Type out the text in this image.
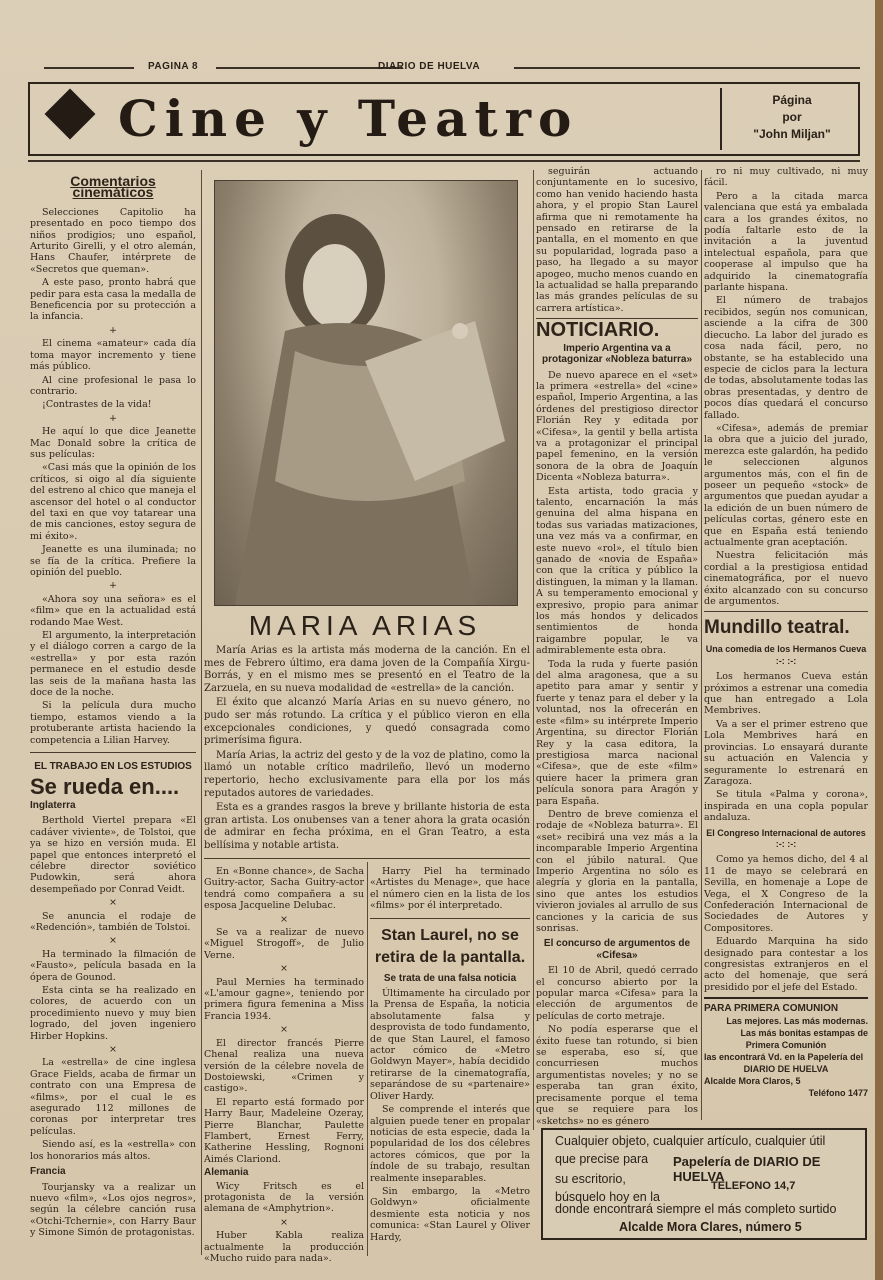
PAGINA 8	DIARIO DE HUELVA
Cine y Teatro	Página
por
"John Miljan"
Comentarios cinemáticos

Selecciones Capitolio ha presentado en poco tiempo dos niños prodigios; uno español, Arturito Girelli, y el otro alemán, Hans Chaufer, intérprete de «Secretos que queman».

A este paso, pronto habrá que pedir para esta casa la medalla de Beneficencia por su protección a la infancia.

+

El cinema «amateur» cada día toma mayor incremento y tiene más público.

Al cine profesional le pasa lo contrario.

¡Contrastes de la vida!

+

He aquí lo que dice Jeanette Mac Donald sobre la crítica de sus películas:

«Casi más que la opinión de los críticos, si oigo al día siguiente del estreno al chico que maneja el ascensor del hotel o al conductor del taxi en que voy tatarear una de mis canciones, estoy segura de mi éxito».

Jeanette es una iluminada; no se fía de la crítica. Prefiere la opinión del pueblo.

+

«Ahora soy una señora» es el «film» que en la actualidad está rodando Mae West.

El argumento, la interpretación y el diálogo corren a cargo de la «estrella» y por esta razón permanece en el estudio desde las seis de la mañana hasta las doce de la noche.

Si la película dura mucho tiempo, estamos viendo a la protuberante artista haciendo la competencia a Lilian Harvey.

EL TRABAJO EN LOS ESTUDIOS
Se rueda en....
Inglaterra

Berthold Viertel prepara «El cadáver viviente», de Tolstoi, que ya se hizo en versión muda. El papel que entonces interpretó el célebre director soviético Pudowkin, será ahora desempeñado por Conrad Veidt.

×

Se anuncia el rodaje de «Redención», también de Tolstoi.

×

Ha terminado la filmación de «Fausto», película basada en la ópera de Gounod.

Esta cinta se ha realizado en colores, de acuerdo con un procedimiento nuevo y muy bien logrado, del joven ingeniero Hirber Hopkins.

×

La «estrella» de cine inglesa Grace Fields, acaba de firmar un contrato con una Empresa de «films», por el cual le es asegurado 112 millones de coronas por interpretar tres películas.

Siendo así, es la «estrella» con los honorarios más altos.

Francia

Tourjansky va a realizar un nuevo «film», «Los ojos negros», según la célebre canción rusa «Otchi-Tchernie», con Harry Baur y Simone Simón de protagonistas.

MARIA ARIAS

María Arias es la artista más moderna de la canción. En el mes de Febrero último, era dama joven de la Compañía Xirgu-Borrás, y en el mismo mes se presentó en el Teatro de la Zarzuela, en su nueva modalidad de «estrella» de la canción.

El éxito que alcanzó María Arias en su nuevo género, no pudo ser más rotundo. La crítica y el público vieron en ella excepcionales condiciones, y quedó consagrada como primerísima figura.

María Arias, la actriz del gesto y de la voz de platino, como la llamó un notable crítico madrileño, llevó un moderno repertorio, hecho exclusivamente para ella por los más reputados autores de variedades.

Esta es a grandes rasgos la breve y brillante historia de esta gran artista. Los onubenses van a tener ahora la grata ocasión de admirar en fecha próxima, en el Gran Teatro, a esta bellísima y notable artista.

En «Bonne chance», de Sacha Guitry-actor, Sacha Guitry-actor tendrá como compañera a su esposa Jacqueline Delubac.

×

Se va a realizar de nuevo «Miguel Strogoff», de Julio Verne.

×

Paul Mernies ha terminado «L'amour gagne», teniendo por primera figura femenina a Miss Francia 1934.

×

El director francés Pierre Chenal realiza una nueva versión de la célebre novela de Dostoiewski, «Crimen y castigo».

El reparto está formado por Harry Baur, Madeleine Ozeray, Pierre Blanchar, Paulette Flambert, Ernest Ferry, Katherine Hessling, Rognoni Aimés Clariond.

Alemania

Wicy Fritsch es el protagonista de la versión alemana de «Amphytrion».

×

Huber Kabla realiza actualmente la producción «Mucho ruido para nada».

Harry Piel ha terminado «Artistes du Menage», que hace el número cien en la lista de los «films» por él interpretado.

Stan Laurel, no se retira de la pantalla.
Se trata de una falsa noticia

Últimamente ha circulado por la Prensa de España, la noticia absolutamente falsa y desprovista de todo fundamento, de que Stan Laurel, el famoso actor cómico de «Metro Goldwyn Mayer», había decidido retirarse de la cinematografía, separándose de su «partenaire» Oliver Hardy.

Se comprende el interés que alguien puede tener en propalar noticias de esta especie, dada la popularidad de los dos célebres actores cómicos, que por la índole de su trabajo, resultan realmente inseparables.

Sin embargo, la «Metro Goldwyn» oficialmente desmiente esta noticia y nos comunica: «Stan Laurel y Oliver Hardy,

seguirán actuando conjuntamente en lo sucesivo, como han venido haciendo hasta ahora, y el propio Stan Laurel afirma que ni remotamente ha pensado en retirarse de la pantalla, en el momento en que su popularidad, lograda paso a paso, ha llegado a su mayor apogeo, mucho menos cuando en la actualidad se halla preparando las más grandes películas de su carrera artística».

NOTICIARIO.
Imperio Argentina va a protagonizar «Nobleza baturra»

De nuevo aparece en el «set» la primera «estrella» del «cine» español, Imperio Argentina, a las órdenes del prestigioso director Florián Rey y editada por «Cifesa», la gentil y bella artista va a protagonizar el principal papel femenino, en la versión sonora de la obra de Joaquín Dicenta «Nobleza baturra».

Esta artista, todo gracia y talento, encarnación la más genuina del alma hispana en todas sus variadas matizaciones, una vez más va a confirmar, en este nuevo «rol», el título bien ganado de «novia de España» con que la crítica y público la distinguen, la miman y la llaman. A su temperamento emocional y expresivo, propio para animar los más hondos y delicados sentimientos de honda raigambre popular, le va admirablemente esta obra.

Toda la ruda y fuerte pasión del alma aragonesa, que a su apetito para amar y sentir y fuerte y tenaz para el deber y la voluntad, nos la ofrecerán en este «film» su intérprete Imperio Argentina, su director Florián Rey y la casa editora, la prestigiosa marca nacional «Cifesa», que de este «film» quiere hacer la primera gran película sonora para Aragón y para España.

Dentro de breve comienza el rodaje de «Nobleza baturra». El «set» recibirá una vez más a la incomparable Imperio Argentina con el júbilo natural. Que Imperio Argentina no sólo es alegría y gloria en la pantalla, sino que antes los estudios vivieron joviales al arrullo de sus canciones y la caricia de sus sonrisas.

El concurso de argumentos de «Cifesa»

El 10 de Abril, quedó cerrado el concurso abierto por la popular marca «Cifesa» para la elección de argumentos de películas de corto metraje.

No podía esperarse que el éxito fuese tan rotundo, si bien se esperaba, eso sí, que concurriesen muchos argumentistas noveles; y no se esperaba tan gran éxito, precisamente porque el tema que se requiere para los «sketchs» no es género

ro ni muy cultivado, ni muy fácil.

Pero a la citada marca valenciana que está ya embalada cara a los grandes éxitos, no podía faltarle esto de la invitación a la juventud intelectual española, para que cooperase al impulso que ha adquirido la cinematografía parlante hispana.

El número de trabajos recibidos, según nos comunican, asciende a la cifra de 300 diecucho. La labor del jurado es cosa nada fácil, pero, no obstante, se ha establecido una especie de ciclos para la lectura de todas, absolutamente todas las obras presentadas, y dentro de pocos días quedará el concurso fallado.

«Cifesa», además de premiar la obra que a juicio del jurado, merezca este galardón, ha pedido le seleccionen algunos argumentos más, con el fin de poseer un pequeño «stock» de argumentos que puedan ayudar a la edición de un buen número de películas cortas, género este en que en España está teniendo actualmente gran aceptación.

Nuestra felicitación más cordial a la prestigiosa entidad cinematográfica, por el nuevo éxito alcanzado con su concurso de argumentos.

Mundillo teatral.
Una comedia de los Hermanos Cueva :-: :-:

Los hermanos Cueva están próximos a estrenar una comedia que han entregado a Lola Membrives.

Va a ser el primer estreno que Lola Membrives hará en provincias. Lo ensayará durante su actuación en Valencia y seguramente lo estrenará en Zaragoza.

Se titula «Palma y corona», inspirada en una copla popular andaluza.

El Congreso Internacional de autores :-: :-:

Como ya hemos dicho, del 4 al 11 de mayo se celebrará en Sevilla, en homenaje a Lope de Vega, el X Congreso de la Confederación Internacional de Sociedades de Autores y Compositores.

Eduardo Marquina ha sido designado para contestar a los congresistas extranjeros en el acto del homenaje, que será presidido por el jefe del Estado.

PARA PRIMERA COMUNION
Las mejores. Las más modernas.
Las más bonitas estampas de
Primera Comunión
las encontrará Vd. en la Papelería del
DIARIO DE HUELVA
Alcalde Mora Claros, 5
Teléfono 1477
Cualquier objeto, cualquier artículo, cualquier útil
que precise para
su escritorio, búsquelo hoy en la
Papelería de DIARIO DE HUELVA
TELEFONO 14,7
donde encontrará siempre el más completo surtido
Alcalde Mora Clares, número 5
